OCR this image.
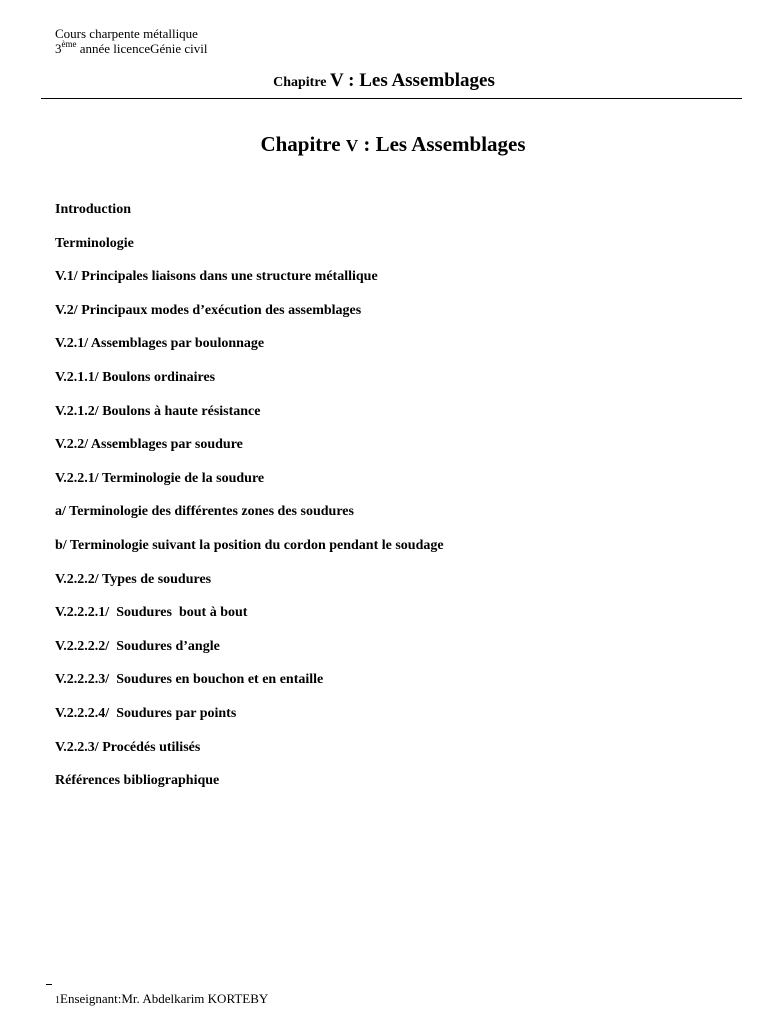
Cours charpente métallique
3ème année licenceGénie civil
Chapitre V : Les Assemblages
Chapitre V : Les Assemblages
Introduction
Terminologie
V.1/ Principales liaisons dans une structure métallique
V.2/ Principaux modes d’exécution des assemblages
V.2.1/ Assemblages par boulonnage
V.2.1.1/ Boulons ordinaires
V.2.1.2/ Boulons à haute résistance
V.2.2/ Assemblages par soudure
V.2.2.1/ Terminologie de la soudure
a/ Terminologie des différentes zones des soudures
b/ Terminologie suivant la position du cordon pendant le soudage
V.2.2.2/ Types de soudures
V.2.2.2.1/  Soudures  bout à bout
V.2.2.2.2/  Soudures d’angle
V.2.2.2.3/  Soudures en bouchon et en entaille
V.2.2.2.4/  Soudures par points
V.2.2.3/ Procédés utilisés
Références bibliographique
1Enseignant:Mr. Abdelkarim KORTEBY
